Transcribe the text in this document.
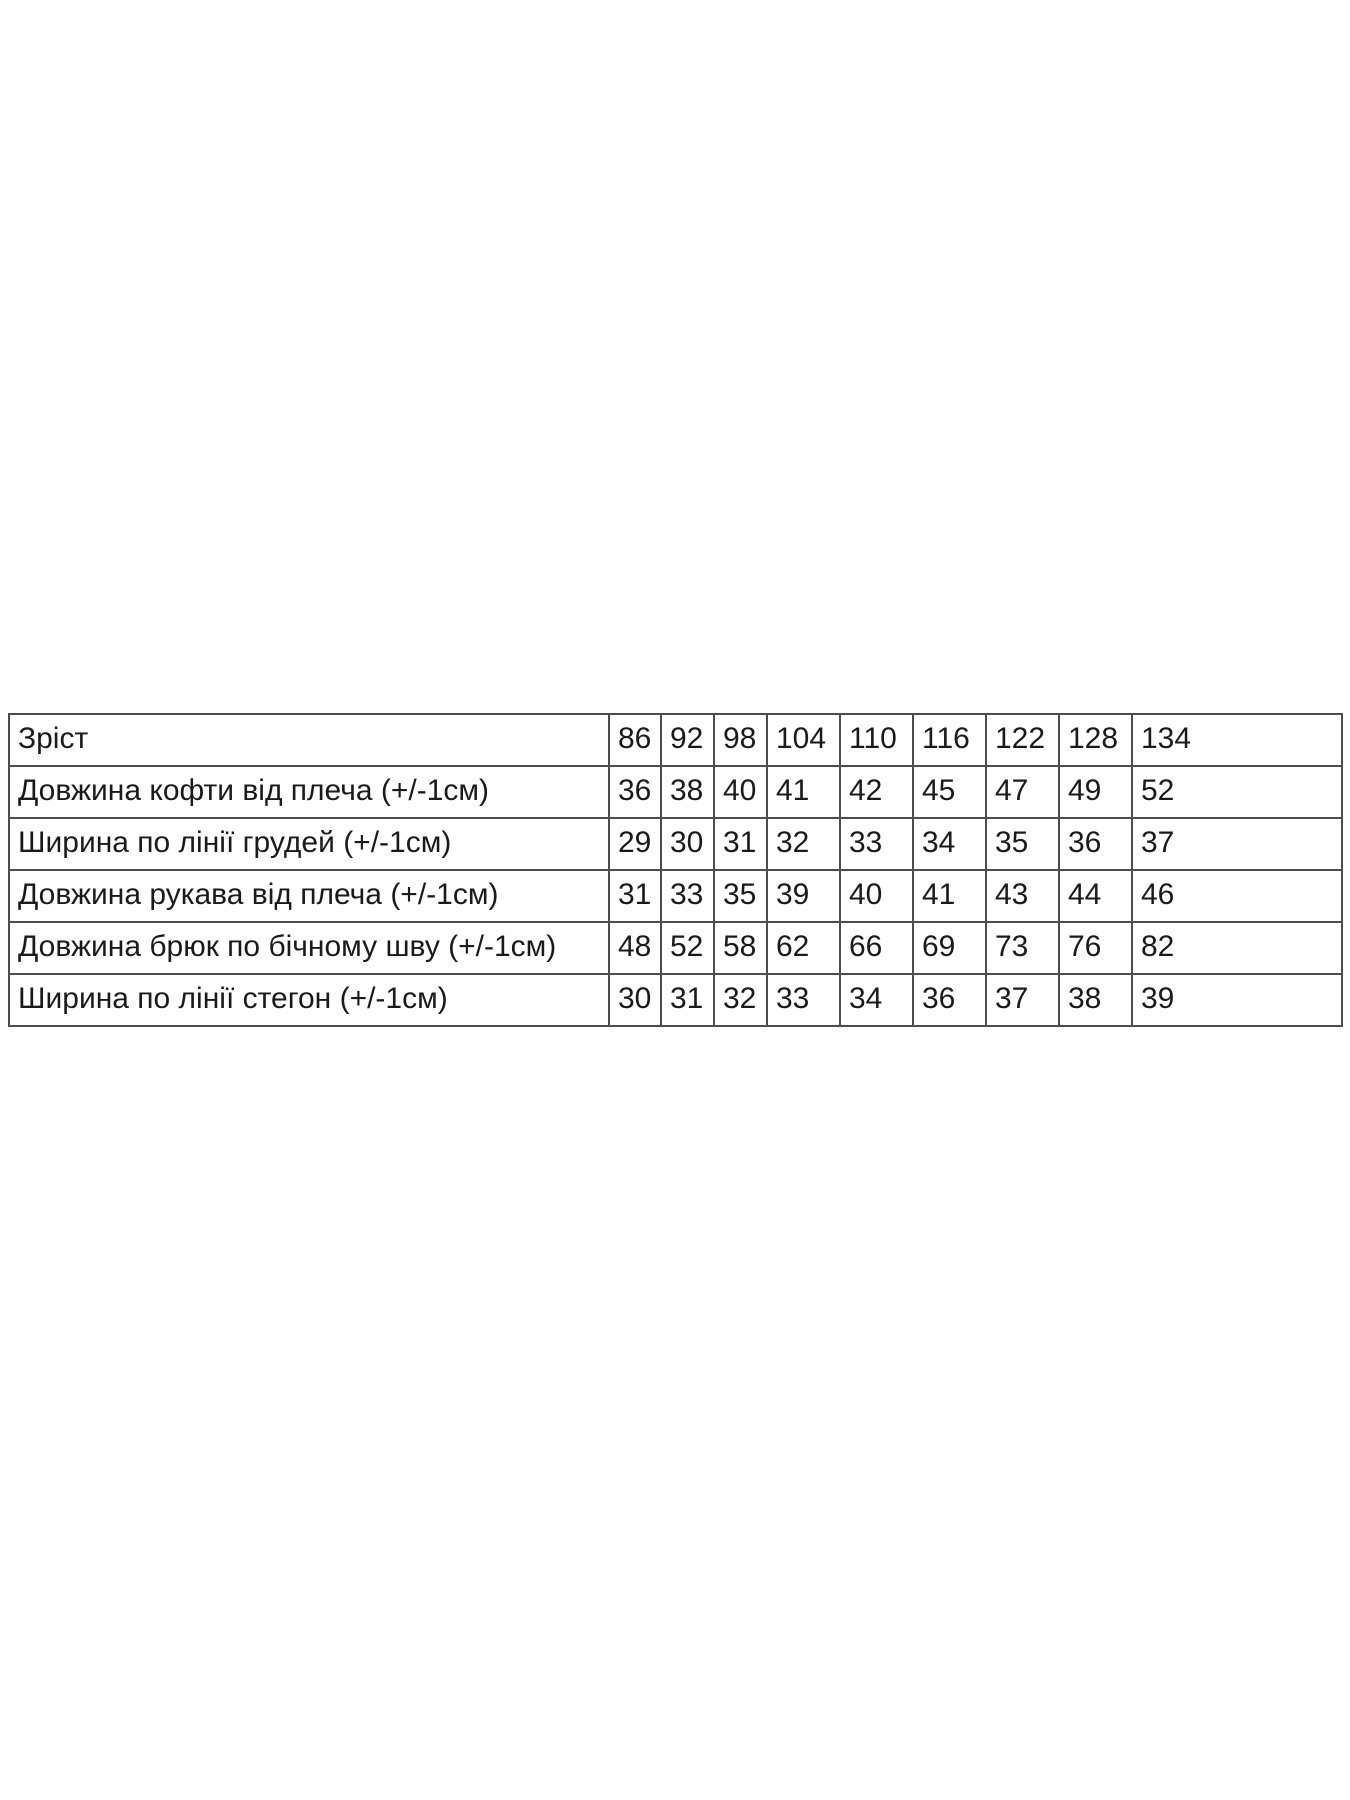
Зріст	86	92	98	104	110	116	122	128	134
Довжина кофти від плеча (+/-1см)	36	38	40	41	42	45	47	49	52
Ширина по лінії грудей (+/-1см)	29	30	31	32	33	34	35	36	37
Довжина рукава від плеча (+/-1см)	31	33	35	39	40	41	43	44	46
Довжина брюк по бічному шву (+/-1см)	48	52	58	62	66	69	73	76	82
Ширина по лінії стегон (+/-1см)	30	31	32	33	34	36	37	38	39
